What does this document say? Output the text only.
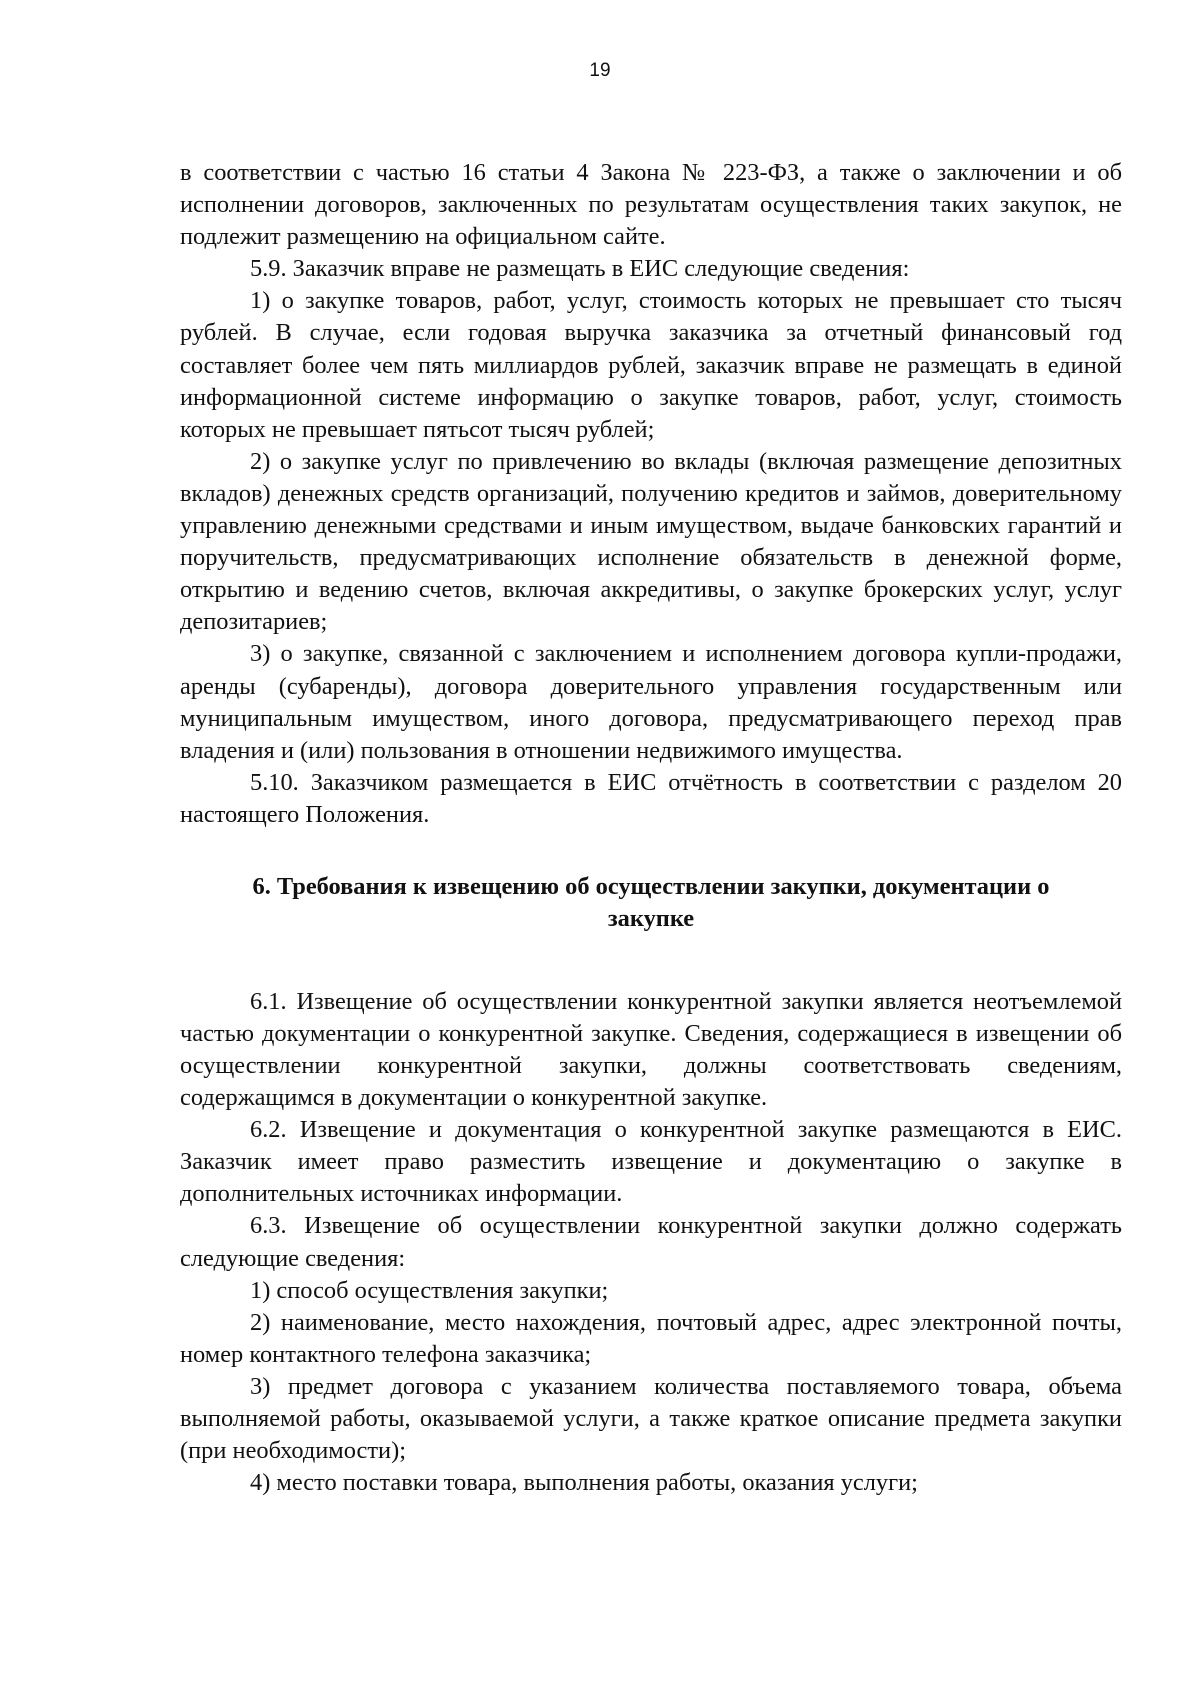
19

в соответствии с частью 16 статьи 4 Закона № 223-ФЗ, а также о заключении и об исполнении договоров, заключенных по результатам осуществления таких закупок, не подлежит размещению на официальном сайте.

5.9. Заказчик вправе не размещать в ЕИС следующие сведения:

1) о закупке товаров, работ, услуг, стоимость которых не превышает сто тысяч рублей. В случае, если годовая выручка заказчика за отчетный финансовый год составляет более чем пять миллиардов рублей, заказчик вправе не размещать в единой информационной системе информацию о закупке товаров, работ, услуг, стоимость которых не превышает пятьсот тысяч рублей;

2) о закупке услуг по привлечению во вклады (включая размещение депозитных вкладов) денежных средств организаций, получению кредитов и займов, доверительному управлению денежными средствами и иным имуществом, выдаче банковских гарантий и поручительств, предусматривающих исполнение обязательств в денежной форме, открытию и ведению счетов, включая аккредитивы, о закупке брокерских услуг, услуг депозитариев;

3) о закупке, связанной с заключением и исполнением договора купли-продажи, аренды (субаренды), договора доверительного управления государственным или муниципальным имуществом, иного договора, предусматривающего переход прав владения и (или) пользования в отношении недвижимого имущества.

5.10. Заказчиком размещается в ЕИС отчётность в соответствии с разделом 20 настоящего Положения.

6. Требования к извещению об осуществлении закупки, документации о
закупке

6.1. Извещение об осуществлении конкурентной закупки является неотъемлемой частью документации о конкурентной закупке. Сведения, содержащиеся в извещении об осуществлении конкурентной закупки, должны соответствовать сведениям, содержащимся в документации о конкурентной закупке.

6.2. Извещение и документация о конкурентной закупке размещаются в ЕИС. Заказчик имеет право разместить извещение и документацию о закупке в дополнительных источниках информации.

6.3. Извещение об осуществлении конкурентной закупки должно содержать следующие сведения:

1) способ осуществления закупки;

2) наименование, место нахождения, почтовый адрес, адрес электронной почты, номер контактного телефона заказчика;

3) предмет договора с указанием количества поставляемого товара, объема выполняемой работы, оказываемой услуги, а также краткое описание предмета закупки (при необходимости);

4) место поставки товара, выполнения работы, оказания услуги;
